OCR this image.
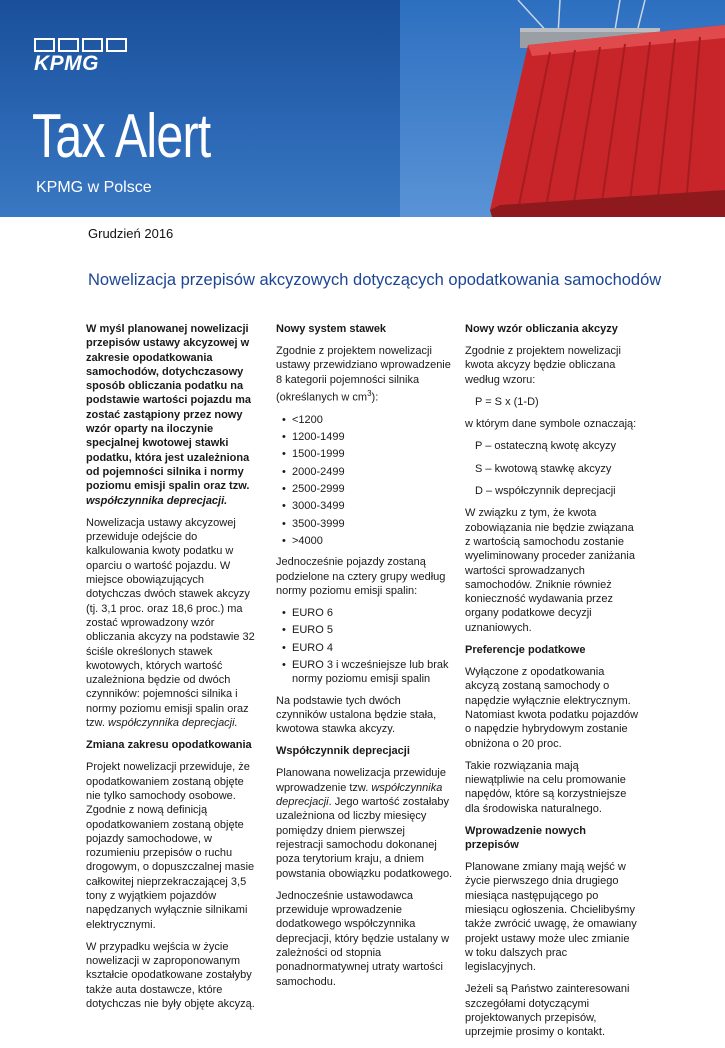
KPMG
Tax Alert
KPMG w Polsce
Grudzień 2016
Nowelizacja przepisów akcyzowych dotyczących opodatkowania samochodów

W myśl planowanej nowelizacji przepisów ustawy akcyzowej w zakresie opodatkowania samochodów, dotychczasowy sposób obliczania podatku na podstawie wartości pojazdu ma zostać zastąpiony przez nowy wzór oparty na iloczynie specjalnej kwotowej stawki podatku, która jest uzależniona od pojemności silnika i normy poziomu emisji spalin oraz tzw. współczynnika deprecjacji.

Nowelizacja ustawy akcyzowej przewiduje odejście do kalkulowania kwoty podatku w oparciu o wartość pojazdu. W miejsce obowiązujących dotychczas dwóch stawek akcyzy (tj. 3,1 proc. oraz 18,6 proc.) ma zostać wprowadzony wzór obliczania akcyzy na podstawie 32 ściśle określonych stawek kwotowych, których wartość uzależniona będzie od dwóch czynników: pojemności silnika i normy poziomu emisji spalin oraz tzw. współczynnika deprecjacji.

Zmiana zakresu opodatkowania

Projekt nowelizacji przewiduje, że opodatkowaniem zostaną objęte nie tylko samochody osobowe. Zgodnie z nową definicją opodatkowaniem zostaną objęte pojazdy samochodowe, w rozumieniu przepisów o ruchu drogowym, o dopuszczalnej masie całkowitej nieprzekraczającej 3,5 tony z wyjątkiem pojazdów napędzanych wyłącznie silnikami elektrycznymi.

W przypadku wejścia w życie nowelizacji w zaproponowanym kształcie opodatkowane zostałyby także auta dostawcze, które dotychczas nie były objęte akcyzą.

Nowy system stawek

Zgodnie z projektem nowelizacji ustawy przewidziano wprowadzenie 8 kategorii pojemności silnika (określanych w $cm^3$):

• <1200
• 1200-1499
• 1500-1999
• 2000-2499
• 2500-2999
• 3000-3499
• 3500-3999
• >4000

Jednocześnie pojazdy zostaną podzielone na cztery grupy według normy poziomu emisji spalin:

• EURO 6
• EURO 5
• EURO 4
• EURO 3 i wcześniejsze lub brak normy poziomu emisji spalin

Na podstawie tych dwóch czynników ustalona będzie stała, kwotowa stawka akcyzy.

Współczynnik deprecjacji

Planowana nowelizacja przewiduje wprowadzenie tzw. współczynnika deprecjacji. Jego wartość zostałaby uzależniona od liczby miesięcy pomiędzy dniem pierwszej rejestracji samochodu dokonanej poza terytorium kraju, a dniem powstania obowiązku podatkowego.

Jednocześnie ustawodawca przewiduje wprowadzenie dodatkowego współczynnika deprecjacji, który będzie ustalany w zależności od stopnia ponadnormatywnej utraty wartości samochodu.

Nowy wzór obliczania akcyzy

Zgodnie z projektem nowelizacji kwota akcyzy będzie obliczana według wzoru:

P = S x (1-D)

w którym dane symbole oznaczają:

P – ostateczną kwotę akcyzy

S – kwotową stawkę akcyzy

D – współczynnik deprecjacji

W związku z tym, że kwota zobowiązania nie będzie związana z wartością samochodu zostanie wyeliminowany proceder zaniżania wartości sprowadzanych samochodów. Zniknie również konieczność wydawania przez organy podatkowe decyzji uznaniowych.

Preferencje podatkowe

Wyłączone z opodatkowania akcyzą zostaną samochody o napędzie wyłącznie elektrycznym. Natomiast kwota podatku pojazdów o napędzie hybrydowym zostanie obniżona o 20 proc.

Takie rozwiązania mają niewątpliwie na celu promowanie napędów, które są korzystniejsze dla środowiska naturalnego.

Wprowadzenie nowych przepisów

Planowane zmiany mają wejść w życie pierwszego dnia drugiego miesiąca następującego po miesiącu ogłoszenia. Chcielibyśmy także zwrócić uwagę, że omawiany projekt ustawy może ulec zmianie w toku dalszych prac legislacyjnych.

Jeżeli są Państwo zainteresowani szczegółami dotyczącymi projektowanych przepisów, uprzejmie prosimy o kontakt.
